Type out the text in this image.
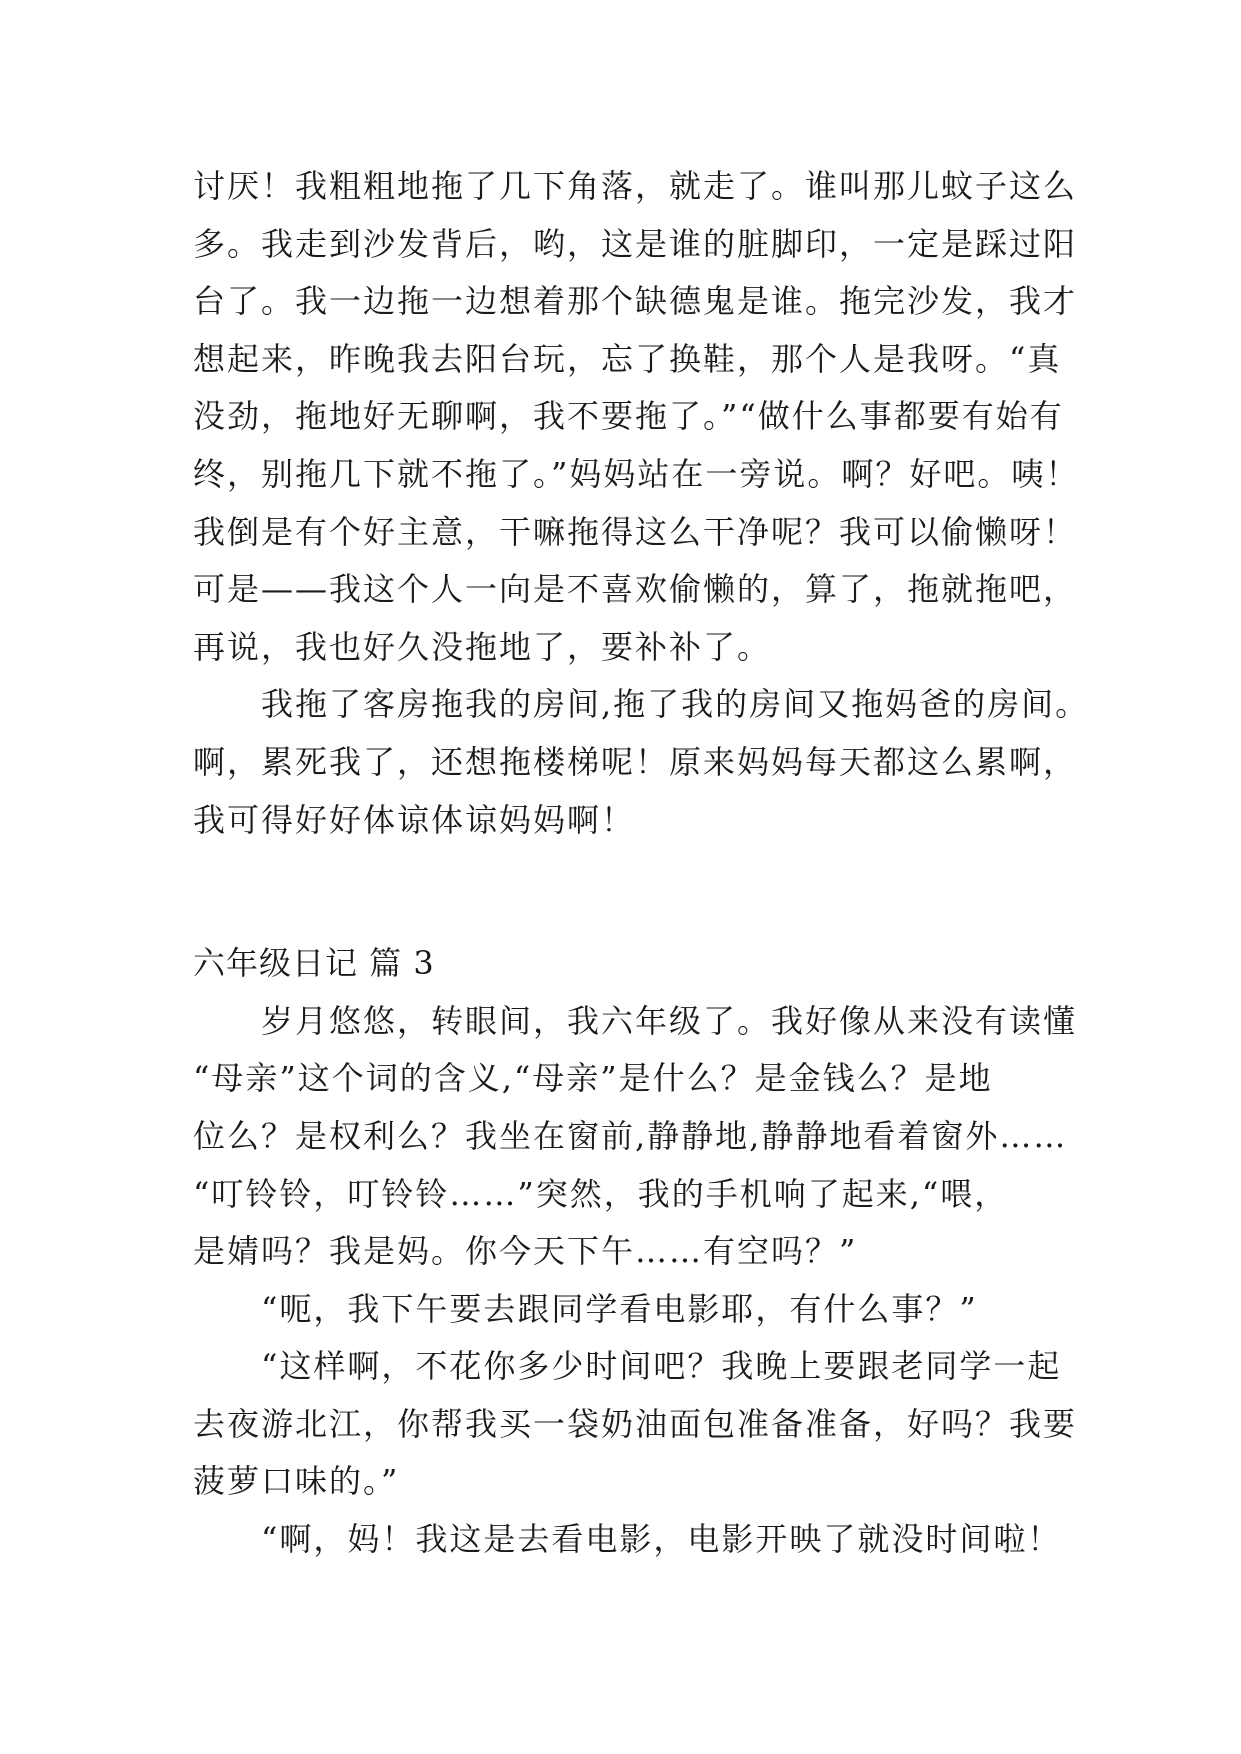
讨厌！我粗粗地拖了几下角落，就走了。谁叫那儿蚊子这么
多。我走到沙发背后，哟，这是谁的脏脚印，一定是踩过阳
台了。我一边拖一边想着那个缺德鬼是谁。拖完沙发，我才
想起来，昨晚我去阳台玩，忘了换鞋，那个人是我呀。“真
没劲，拖地好无聊啊，我不要拖了。”“做什么事都要有始有
终，别拖几下就不拖了。”妈妈站在一旁说。啊？好吧。咦！
我倒是有个好主意，干嘛拖得这么干净呢？我可以偷懒呀！
可是——我这个人一向是不喜欢偷懒的，算了，拖就拖吧，
再说，我也好久没拖地了，要补补了。
　　我拖了客房拖我的房间,拖了我的房间又拖妈爸的房间。
啊，累死我了，还想拖楼梯呢！原来妈妈每天都这么累啊，
我可得好好体谅体谅妈妈啊！
六年级日记 篇 3
　　岁月悠悠，转眼间，我六年级了。我好像从来没有读懂
“母亲”这个词的含义,“母亲”是什么？是金钱么？是地
位么？是权利么？我坐在窗前,静静地,静静地看着窗外……
“叮铃铃，叮铃铃……”突然，我的手机响了起来,“喂，
是婧吗？我是妈。你今天下午……有空吗？”
　　“呃，我下午要去跟同学看电影耶，有什么事？”
　　“这样啊，不花你多少时间吧？我晚上要跟老同学一起
去夜游北江，你帮我买一袋奶油面包准备准备，好吗？我要
菠萝口味的。”
　　“啊，妈！我这是去看电影，电影开映了就没时间啦！
